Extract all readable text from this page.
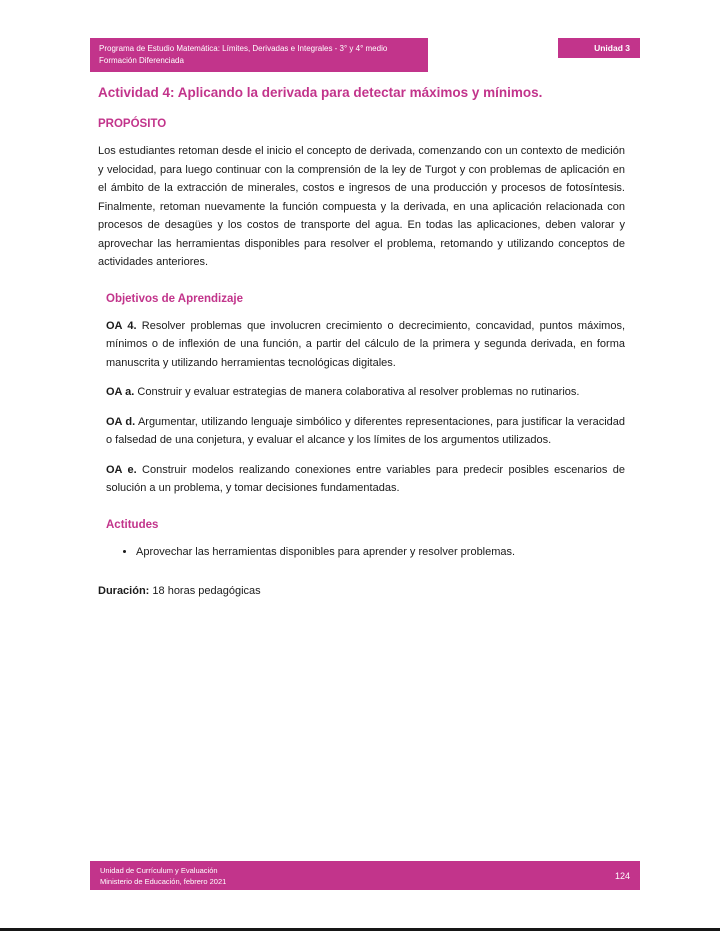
Programa de Estudio Matemática: Límites, Derivadas e Integrales - 3° y 4° medio
Formación Diferenciada
Unidad 3
Actividad 4: Aplicando la derivada para detectar máximos y mínimos.
PROPÓSITO

Los estudiantes retoman desde el inicio el concepto de derivada, comenzando con un contexto de medición y velocidad, para luego continuar con la comprensión de la ley de Turgot y con problemas de aplicación en el ámbito de la extracción de minerales, costos e ingresos de una producción y procesos de fotosíntesis. Finalmente, retoman nuevamente la función compuesta y la derivada, en una aplicación relacionada con procesos de desagües y los costos de transporte del agua. En todas las aplicaciones, deben valorar y aprovechar las herramientas disponibles para resolver el problema, retomando y utilizando conceptos de actividades anteriores.

Objetivos de Aprendizaje

OA 4. Resolver problemas que involucren crecimiento o decrecimiento, concavidad, puntos máximos, mínimos o de inflexión de una función, a partir del cálculo de la primera y segunda derivada, en forma manuscrita y utilizando herramientas tecnológicas digitales.

OA a. Construir y evaluar estrategias de manera colaborativa al resolver problemas no rutinarios.

OA d. Argumentar, utilizando lenguaje simbólico y diferentes representaciones, para justificar la veracidad o falsedad de una conjetura, y evaluar el alcance y los límites de los argumentos utilizados.

OA e. Construir modelos realizando conexiones entre variables para predecir posibles escenarios de solución a un problema, y tomar decisiones fundamentadas.

Actitudes
• Aprovechar las herramientas disponibles para aprender y resolver problemas.

Duración: 18 horas pedagógicas

Unidad de Currículum y Evaluación
Ministerio de Educación, febrero 2021
124
